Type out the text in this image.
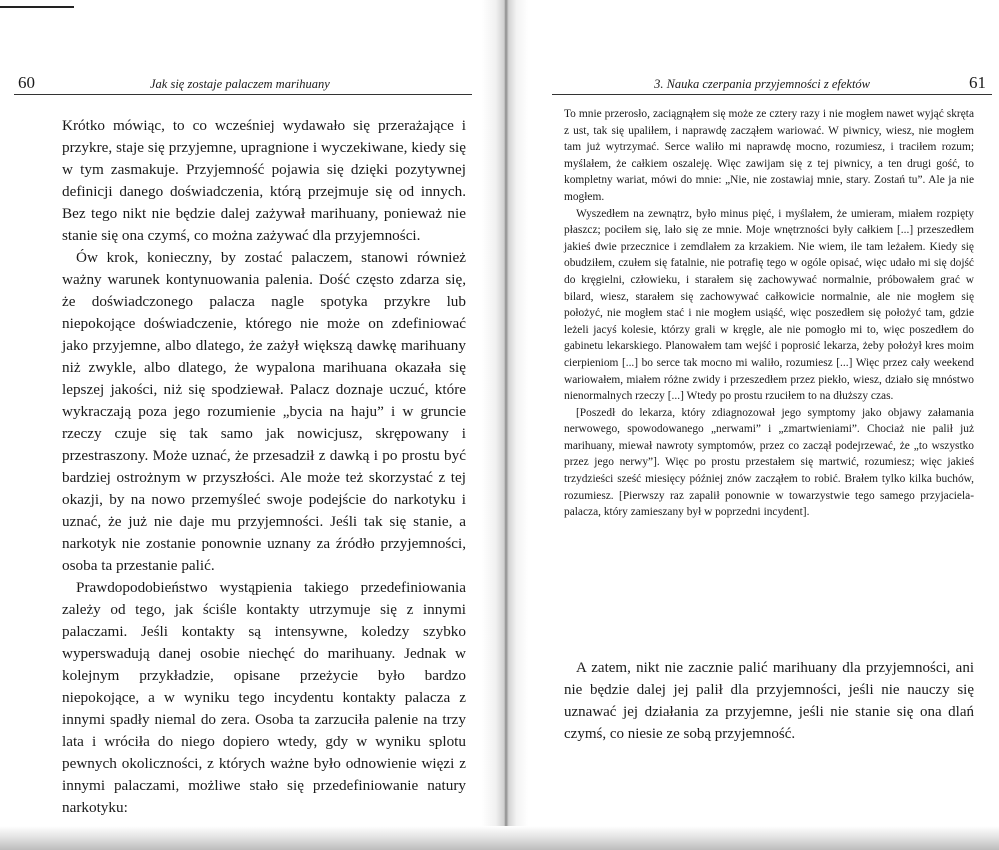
60	Jak się zostaje palaczem marihuany

Krótko mówiąc, to co wcześniej wydawało się przerażające i przykre, staje się przyjemne, upragnione i wyczekiwane, kiedy się w tym zasmakuje. Przyjemność pojawia się dzięki pozytywnej definicji danego doświadczenia, którą przejmuje się od innych. Bez tego nikt nie będzie dalej zażywał marihuany, ponieważ nie stanie się ona czymś, co można zażywać dla przyjemności.

Ów krok, konieczny, by zostać palaczem, stanowi również ważny warunek kontynuowania palenia. Dość często zdarza się, że doświadczonego palacza nagle spotyka przykre lub niepokojące doświadczenie, którego nie może on zdefiniować jako przyjemne, albo dlatego, że zażył większą dawkę marihuany niż zwykle, albo dlatego, że wypalona marihuana okazała się lepszej jakości, niż się spodziewał. Palacz doznaje uczuć, które wykraczają poza jego rozumienie „bycia na haju” i w gruncie rzeczy czuje się tak samo jak nowicjusz, skrępowany i przestraszony. Może uznać, że przesadził z dawką i po prostu być bardziej ostrożnym w przyszłości. Ale może też skorzystać z tej okazji, by na nowo przemyśleć swoje podejście do narkotyku i uznać, że już nie daje mu przyjemności. Jeśli tak się stanie, a narkotyk nie zostanie ponownie uznany za źródło przyjemności, osoba ta przestanie palić.

Prawdopodobieństwo wystąpienia takiego przedefiniowania zależy od tego, jak ściśle kontakty utrzymuje się z innymi palaczami. Jeśli kontakty są intensywne, koledzy szybko wyperswadują danej osobie niechęć do marihuany. Jednak w kolejnym przykładzie, opisane przeżycie było bardzo niepokojące, a w wyniku tego incydentu kontakty palacza z innymi spadły niemal do zera. Osoba ta zarzuciła palenie na trzy lata i wróciła do niego dopiero wtedy, gdy w wyniku splotu pewnych okoliczności, z których ważne było odnowienie więzi z innymi palaczami, możliwe stało się przedefiniowanie natury narkotyku:

3. Nauka czerpania przyjemności z efektów	61

To mnie przerosło, zaciągnąłem się może ze cztery razy i nie mogłem nawet wyjąć skręta z ust, tak się upaliłem, i naprawdę zacząłem wariować. W piwnicy, wiesz, nie mogłem tam już wytrzymać. Serce waliło mi naprawdę mocno, rozumiesz, i traciłem rozum; myślałem, że całkiem oszaleję. Więc zawijam się z tej piwnicy, a ten drugi gość, to kompletny wariat, mówi do mnie: „Nie, nie zostawiaj mnie, stary. Zostań tu”. Ale ja nie mogłem.

Wyszedłem na zewnątrz, było minus pięć, i myślałem, że umieram, miałem rozpięty płaszcz; pociłem się, lało się ze mnie. Moje wnętrzności były całkiem [...] przeszedłem jakieś dwie przecznice i zemdlałem za krzakiem. Nie wiem, ile tam leżałem. Kiedy się obudziłem, czułem się fatalnie, nie potrafię tego w ogóle opisać, więc udało mi się dojść do kręgielni, człowieku, i starałem się zachowywać normalnie, próbowałem grać w bilard, wiesz, starałem się zachowywać całkowicie normalnie, ale nie mogłem się położyć, nie mogłem stać i nie mogłem usiąść, więc poszedłem się położyć tam, gdzie leżeli jacyś kolesie, którzy grali w kręgle, ale nie pomogło mi to, więc poszedłem do gabinetu lekarskiego. Planowałem tam wejść i poprosić lekarza, żeby położył kres moim cierpieniom [...] bo serce tak mocno mi waliło, rozumiesz [...] Więc przez cały weekend wariowałem, miałem różne zwidy i przeszedłem przez piekło, wiesz, działo się mnóstwo nienormalnych rzeczy [...] Wtedy po prostu rzuciłem to na dłuższy czas.

[Poszedł do lekarza, który zdiagnozował jego symptomy jako objawy załamania nerwowego, spowodowanego „nerwami” i „zmartwieniami”. Chociaż nie palił już marihuany, miewał nawroty symptomów, przez co zaczął podejrzewać, że „to wszystko przez jego nerwy”]. Więc po prostu przestałem się martwić, rozumiesz; więc jakieś trzydzieści sześć miesięcy później znów zacząłem to robić. Brałem tylko kilka buchów, rozumiesz. [Pierwszy raz zapalił ponownie w towarzystwie tego samego przyjaciela-palacza, który zamieszany był w poprzedni incydent].

A zatem, nikt nie zacznie palić marihuany dla przyjemności, ani nie będzie dalej jej palił dla przyjemności, jeśli nie nauczy się uznawać jej działania za przyjemne, jeśli nie stanie się ona dlań czymś, co niesie ze sobą przyjemność.
